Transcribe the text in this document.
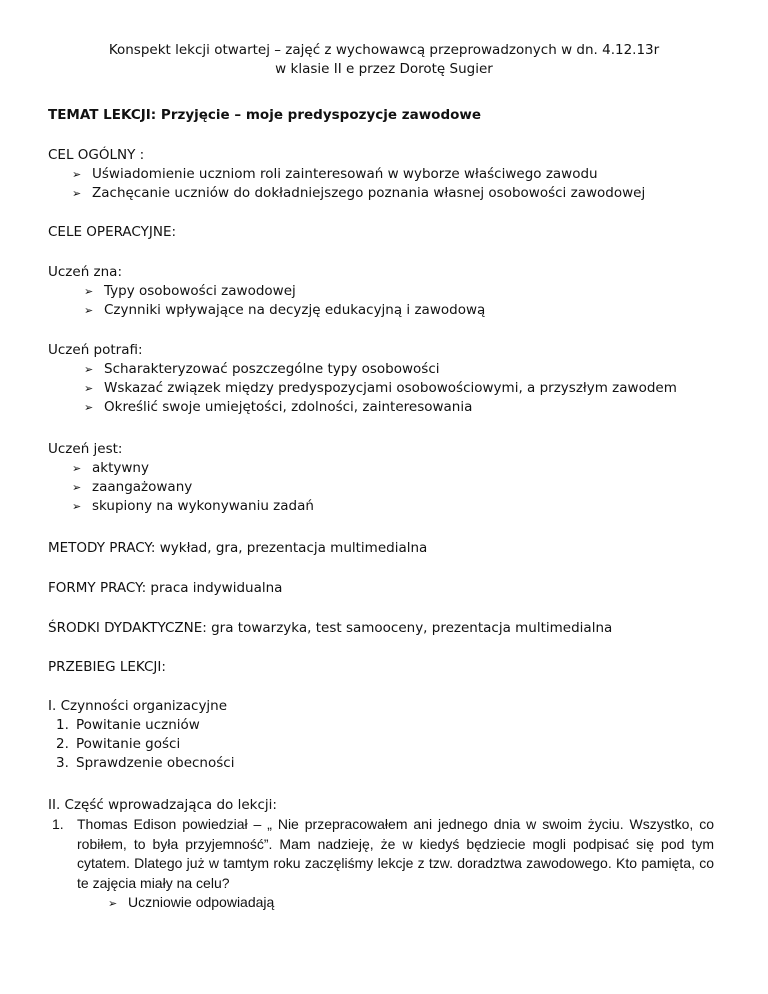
Konspekt lekcji otwartej – zajęć z wychowawcą przeprowadzonych w dn. 4.12.13r
w klasie II e przez Dorotę Sugier
TEMAT LEKCJI: Przyjęcie – moje predyspozycje zawodowe
CEL OGÓLNY :
➢ Uświadomienie uczniom roli zainteresowań w wyborze właściwego zawodu
➢ Zachęcanie uczniów do dokładniejszego poznania własnej osobowości zawodowej
CELE OPERACYJNE:
Uczeń zna:
➢ Typy osobowości zawodowej
➢ Czynniki wpływające na decyzję edukacyjną i zawodową
Uczeń potrafi:
➢ Scharakteryzować poszczególne typy osobowości
➢ Wskazać związek między predyspozycjami osobowościowymi, a przyszłym zawodem
➢ Określić swoje umiejętości, zdolności, zainteresowania
Uczeń jest:
➢ aktywny
➢ zaangażowany
➢ skupiony na wykonywaniu zadań
METODY PRACY: wykład, gra, prezentacja multimedialna
FORMY PRACY: praca indywidualna
ŚRODKI DYDAKTYCZNE: gra towarzyka, test samooceny, prezentacja multimedialna
PRZEBIEG LEKCJI:
I. Czynności organizacyjne
1. Powitanie uczniów
2. Powitanie gości
3. Sprawdzenie obecności
II. Część wprowadzająca do lekcji:
1. Thomas Edison powiedział – „ Nie przepracowałem ani jednego dnia w swoim życiu. Wszystko, co robiłem, to była przyjemność”. Mam nadzieję, że w kiedyś będziecie mogli podpisać się pod tym cytatem. Dlatego już w tamtym roku zaczęliśmy lekcje z tzw. doradztwa zawodowego. Kto pamięta, co te zajęcia miały na celu?

➢ Uczniowie odpowiadają
